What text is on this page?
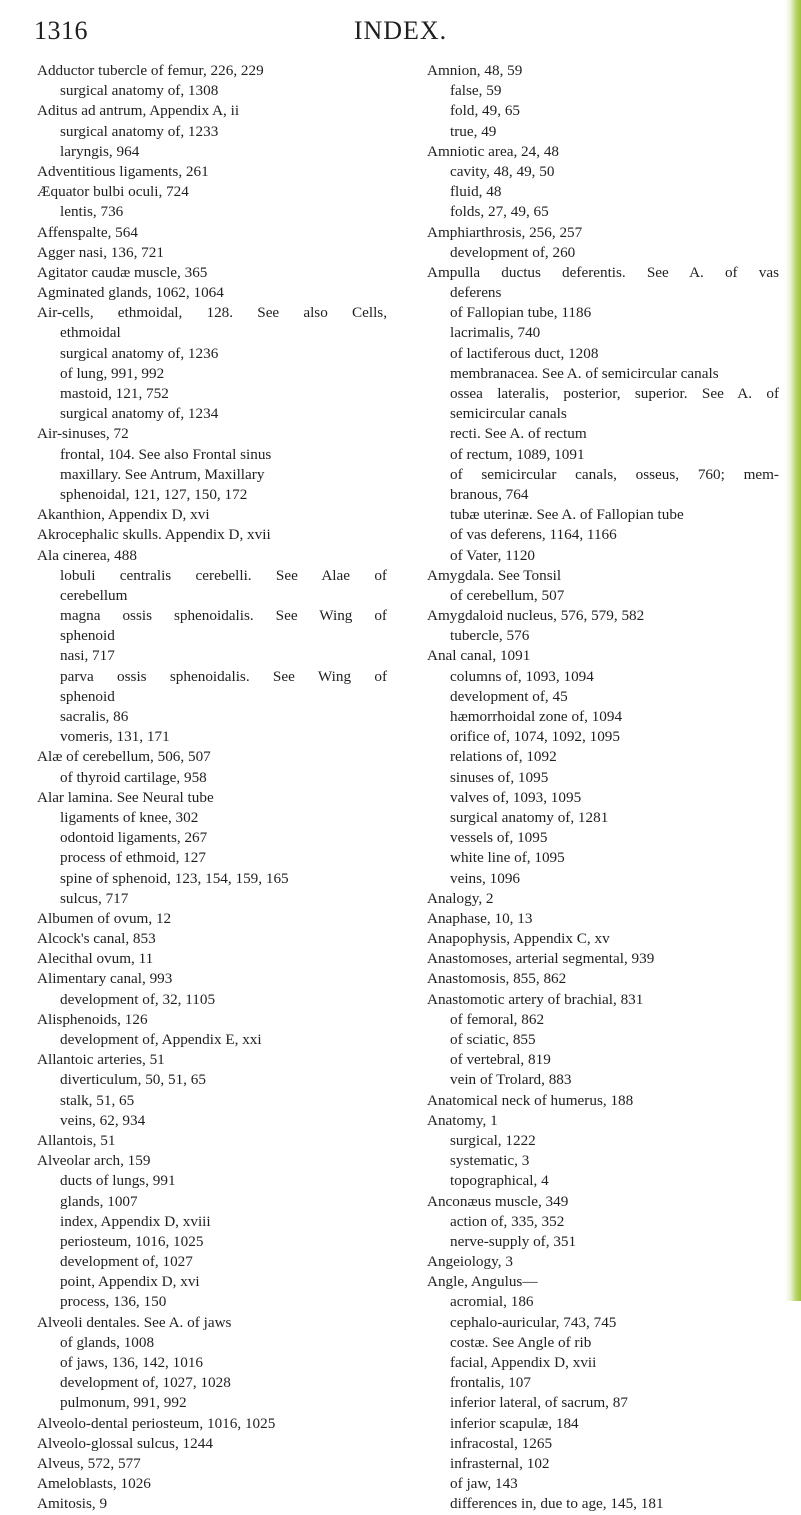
1316	INDEX.
Adductor tubercle of femur, 226, 229
surgical anatomy of, 1308
Aditus ad antrum, Appendix A, ii
surgical anatomy of, 1233
laryngis, 964
Adventitious ligaments, 261
Æquator bulbi oculi, 724
lentis, 736
Affenspalte, 564
Agger nasi, 136, 721
Agitator caudæ muscle, 365
Agminated glands, 1062, 1064
Air-cells, ethmoidal, 128. See also Cells,
ethmoidal
surgical anatomy of, 1236
of lung, 991, 992
mastoid, 121, 752
surgical anatomy of, 1234
Air-sinuses, 72
frontal, 104. See also Frontal sinus
maxillary. See Antrum, Maxillary
sphenoidal, 121, 127, 150, 172
Akanthion, Appendix D, xvi
Akrocephalic skulls. Appendix D, xvii
Ala cinerea, 488
lobuli centralis cerebelli. See Alae of
cerebellum
magna ossis sphenoidalis. See Wing of
sphenoid
nasi, 717
parva ossis sphenoidalis. See Wing of
sphenoid
sacralis, 86
vomeris, 131, 171
Alæ of cerebellum, 506, 507
of thyroid cartilage, 958
Alar lamina. See Neural tube
ligaments of knee, 302
odontoid ligaments, 267
process of ethmoid, 127
spine of sphenoid, 123, 154, 159, 165
sulcus, 717
Albumen of ovum, 12
Alcock's canal, 853
Alecithal ovum, 11
Alimentary canal, 993
development of, 32, 1105
Alisphenoids, 126
development of, Appendix E, xxi
Allantoic arteries, 51
diverticulum, 50, 51, 65
stalk, 51, 65
veins, 62, 934
Allantois, 51
Alveolar arch, 159
ducts of lungs, 991
glands, 1007
index, Appendix D, xviii
periosteum, 1016, 1025
development of, 1027
point, Appendix D, xvi
process, 136, 150
Alveoli dentales. See A. of jaws
of glands, 1008
of jaws, 136, 142, 1016
development of, 1027, 1028
pulmonum, 991, 992
Alveolo-dental periosteum, 1016, 1025
Alveolo-glossal sulcus, 1244
Alveus, 572, 577
Ameloblasts, 1026
Amitosis, 9
Amnion, 48, 59
false, 59
fold, 49, 65
true, 49
Amniotic area, 24, 48
cavity, 48, 49, 50
fluid, 48
folds, 27, 49, 65
Amphiarthrosis, 256, 257
development of, 260
Ampulla ductus deferentis. See A. of vas
deferens
of Fallopian tube, 1186
lacrimalis, 740
of lactiferous duct, 1208
membranacea. See A. of semicircular canals
ossea lateralis, posterior, superior. See A. of
semicircular canals
recti. See A. of rectum
of rectum, 1089, 1091
of semicircular canals, osseus, 760; mem-
branous, 764
tubæ uterinæ. See A. of Fallopian tube
of vas deferens, 1164, 1166
of Vater, 1120
Amygdala. See Tonsil
of cerebellum, 507
Amygdaloid nucleus, 576, 579, 582
tubercle, 576
Anal canal, 1091
columns of, 1093, 1094
development of, 45
hæmorrhoidal zone of, 1094
orifice of, 1074, 1092, 1095
relations of, 1092
sinuses of, 1095
valves of, 1093, 1095
surgical anatomy of, 1281
vessels of, 1095
white line of, 1095
veins, 1096
Analogy, 2
Anaphase, 10, 13
Anapophysis, Appendix C, xv
Anastomoses, arterial segmental, 939
Anastomosis, 855, 862
Anastomotic artery of brachial, 831
of femoral, 862
of sciatic, 855
of vertebral, 819
vein of Trolard, 883
Anatomical neck of humerus, 188
Anatomy, 1
surgical, 1222
systematic, 3
topographical, 4
Anconæus muscle, 349
action of, 335, 352
nerve-supply of, 351
Angeiology, 3
Angle, Angulus—
acromial, 186
cephalo-auricular, 743, 745
costæ. See Angle of rib
facial, Appendix D, xvii
frontalis, 107
inferior lateral, of sacrum, 87
inferior scapulæ, 184
infracostal, 1265
infrasternal, 102
of jaw, 143
differences in, due to age, 145, 181
